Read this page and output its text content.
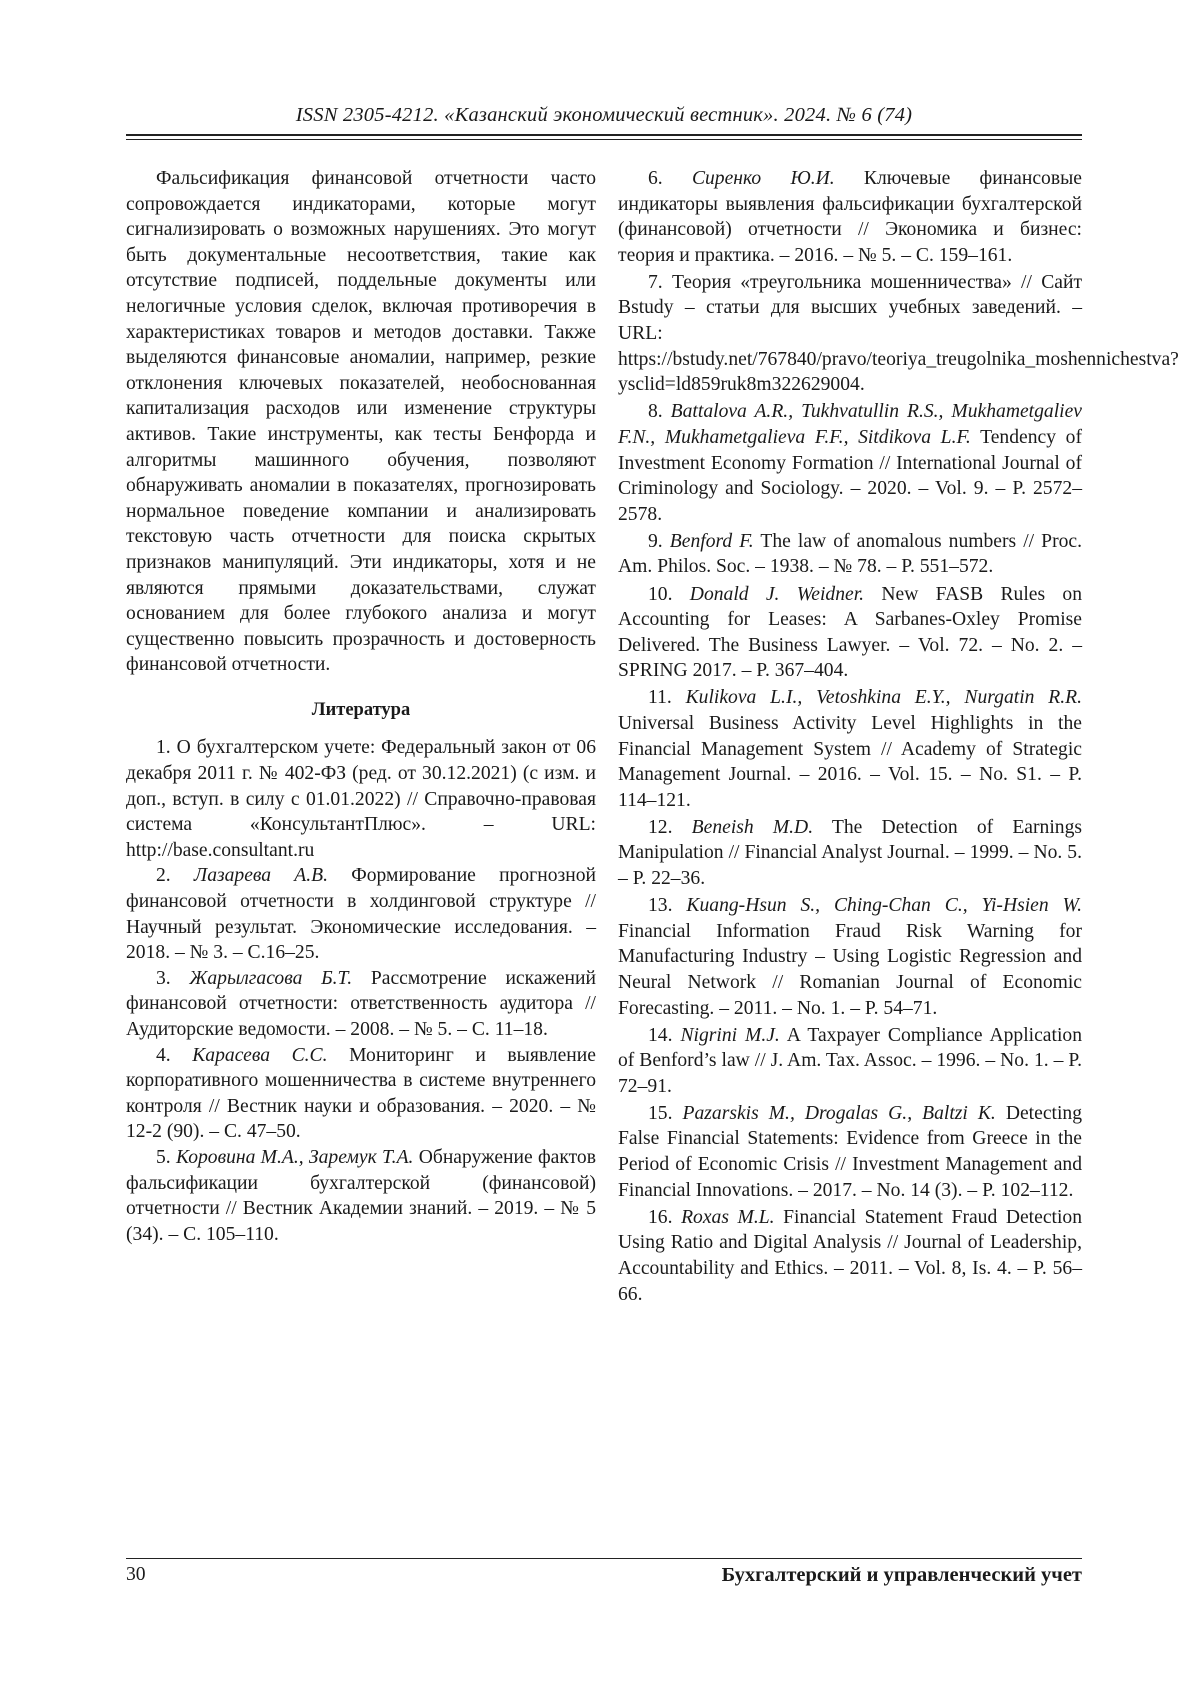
ISSN 2305-4212. «Казанский экономический вестник». 2024. № 6 (74)

Фальсификация финансовой отчетности часто сопровождается индикаторами, которые могут сигнализировать о возможных нарушениях. Это могут быть документальные несоответствия, такие как отсутствие подписей, поддельные документы или нелогичные условия сделок, включая противоречия в характеристиках товаров и методов доставки. Также выделяются финансовые аномалии, например, резкие отклонения ключевых показателей, необоснованная капитализация расходов или изменение структуры активов. Такие инструменты, как тесты Бенфорда и алгоритмы машинного обучения, позволяют обнаруживать аномалии в показателях, прогнозировать нормальное поведение компании и анализировать текстовую часть отчетности для поиска скрытых признаков манипуляций. Эти индикаторы, хотя и не являются прямыми доказательствами, служат основанием для более глубокого анализа и могут существенно повысить прозрачность и достоверность финансовой отчетности.

Литература

1. О бухгалтерском учете: Федеральный закон от 06 декабря 2011 г. № 402-ФЗ (ред. от 30.12.2021) (с изм. и доп., вступ. в силу с 01.01.2022) // Справочно-правовая система «КонсультантПлюс». – URL: http://base.consultant.ru

2. Лазарева А.В. Формирование прогнозной финансовой отчетности в холдинговой структуре // Научный результат. Экономические исследования. – 2018. – № 3. – С.16–25.

3. Жарылгасова Б.Т. Рассмотрение искажений финансовой отчетности: ответственность аудитора // Аудиторские ведомости. – 2008. – № 5. – С. 11–18.

4. Карасева С.С. Мониторинг и выявление корпоративного мошенничества в системе внутреннего контроля // Вестник науки и образования. – 2020. – № 12-2 (90). – С. 47–50.

5. Коровина М.А., Заремук Т.А. Обнаружение фактов фальсификации бухгалтерской (финансовой) отчетности // Вестник Академии знаний. – 2019. – № 5 (34). – С. 105–110.

6. Сиренко Ю.И. Ключевые финансовые индикаторы выявления фальсификации бухгалтерской (финансовой) отчетности // Экономика и бизнес: теория и практика. – 2016. – № 5. – С. 159–161.

7. Теория «треугольника мошенничества» // Сайт Bstudy – статьи для высших учебных заведений. – URL: https://bstudy.net/767840/pravo/teoriya_treugolnika_moshennichestva?ysclid=ld859ruk8m322629004.

8. Battalova A.R., Tukhvatullin R.S., Mukhametgaliev F.N., Mukhametgalieva F.F., Sitdikova L.F. Tendency of Investment Economy Formation // International Journal of Criminology and Sociology. – 2020. – Vol. 9. – P. 2572–2578.

9. Benford F. The law of anomalous numbers // Proc. Am. Philos. Soc. – 1938. – № 78. – P. 551–572.

10. Donald J. Weidner. New FASB Rules on Accounting for Leases: A Sarbanes-Oxley Promise Delivered. The Business Lawyer. – Vol. 72. – No. 2. – SPRING 2017. – P. 367–404.

11. Kulikova L.I., Vetoshkina E.Y., Nurgatin R.R. Universal Business Activity Level Highlights in the Financial Management System // Academy of Strategic Management Journal. – 2016. – Vol. 15. – No. S1. – P. 114–121.

12. Beneish M.D. The Detection of Earnings Manipulation // Financial Analyst Journal. – 1999. – No. 5. – P. 22–36.

13. Kuang-Hsun S., Ching-Chan C., Yi-Hsien W. Financial Information Fraud Risk Warning for Manufacturing Industry – Using Logistic Regression and Neural Network // Romanian Journal of Economic Forecasting. – 2011. – No. 1. – P. 54–71.

14. Nigrini M.J. A Taxpayer Compliance Application of Benford’s law // J. Am. Tax. Assoc. – 1996. – No. 1. – P. 72–91.

15. Pazarskis M., Drogalas G., Baltzi K. Detecting False Financial Statements: Evidence from Greece in the Period of Economic Crisis // Investment Management and Financial Innovations. – 2017. – No. 14 (3). – P. 102–112.

16. Roxas M.L. Financial Statement Fraud Detection Using Ratio and Digital Analysis // Journal of Leadership, Accountability and Ethics. – 2011. – Vol. 8, Is. 4. – P. 56–66.

30	Бухгалтерский и управленческий учет
